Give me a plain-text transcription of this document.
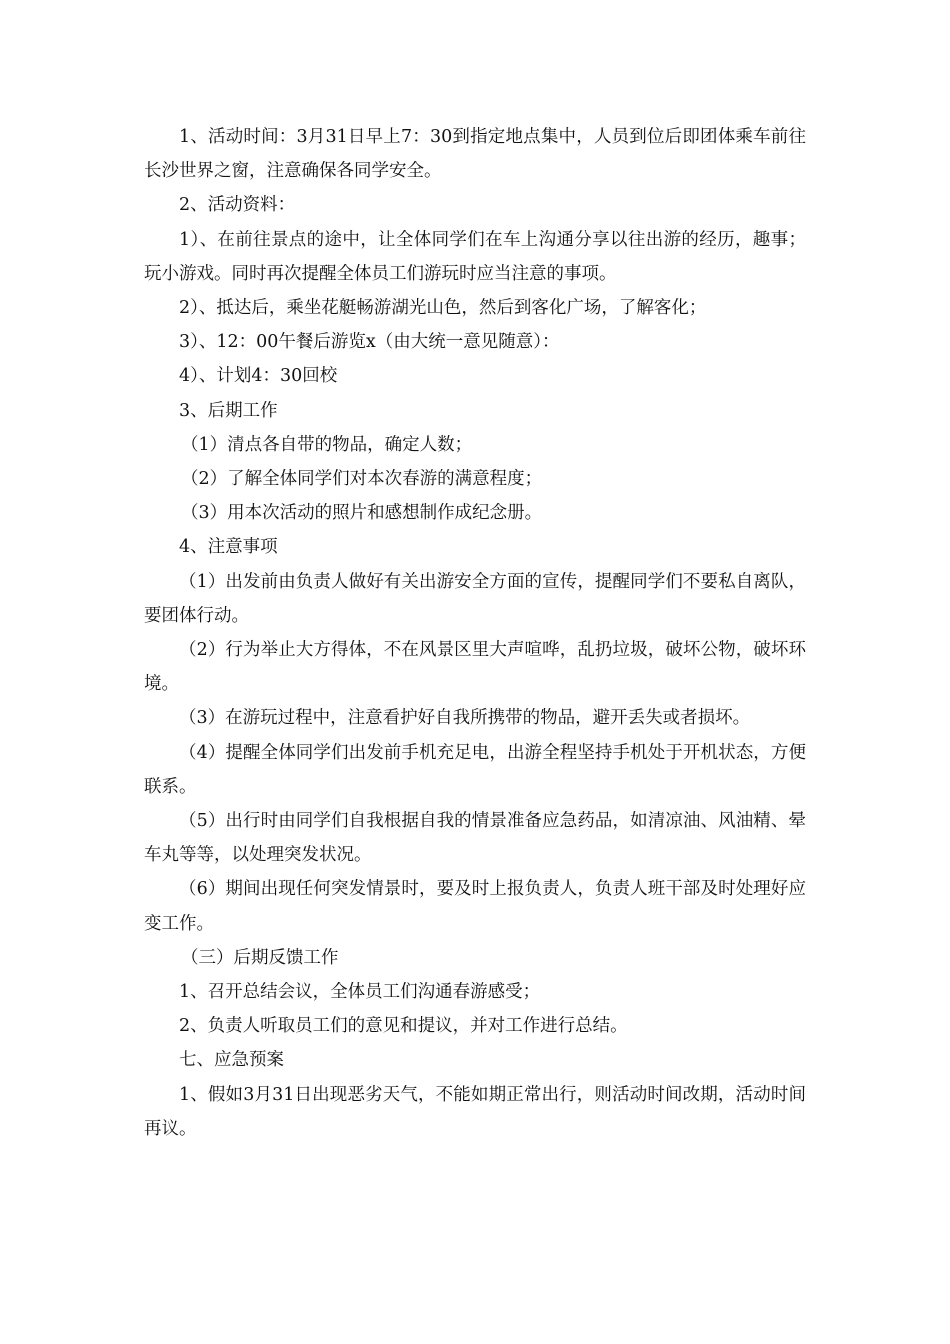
1、活动时间：3月31日早上7：30到指定地点集中，人员到位后即团体乘车前往长沙世界之窗，注意确保各同学安全。

2、活动资料：

1）、在前往景点的途中，让全体同学们在车上沟通分享以往出游的经历，趣事；玩小游戏。同时再次提醒全体员工们游玩时应当注意的事项。

2）、抵达后，乘坐花艇畅游湖光山色，然后到客化广场，了解客化；

3）、12：00午餐后游览x（由大统一意见随意）：

4）、计划4：30回校

3、后期工作

（1）清点各自带的物品，确定人数；

（2）了解全体同学们对本次春游的满意程度；

（3）用本次活动的照片和感想制作成纪念册。

4、注意事项

（1）出发前由负责人做好有关出游安全方面的宣传，提醒同学们不要私自离队，要团体行动。

（2）行为举止大方得体，不在风景区里大声喧哗，乱扔垃圾，破坏公物，破坏环境。

（3）在游玩过程中，注意看护好自我所携带的物品，避开丢失或者损坏。

（4）提醒全体同学们出发前手机充足电，出游全程坚持手机处于开机状态，方便联系。

（5）出行时由同学们自我根据自我的情景准备应急药品，如清凉油、风油精、晕车丸等等，以处理突发状况。

（6）期间出现任何突发情景时，要及时上报负责人，负责人班干部及时处理好应变工作。

（三）后期反馈工作

1、召开总结会议，全体员工们沟通春游感受；

2、负责人听取员工们的意见和提议，并对工作进行总结。

七、应急预案

1、假如3月31日出现恶劣天气，不能如期正常出行，则活动时间改期，活动时间再议。
